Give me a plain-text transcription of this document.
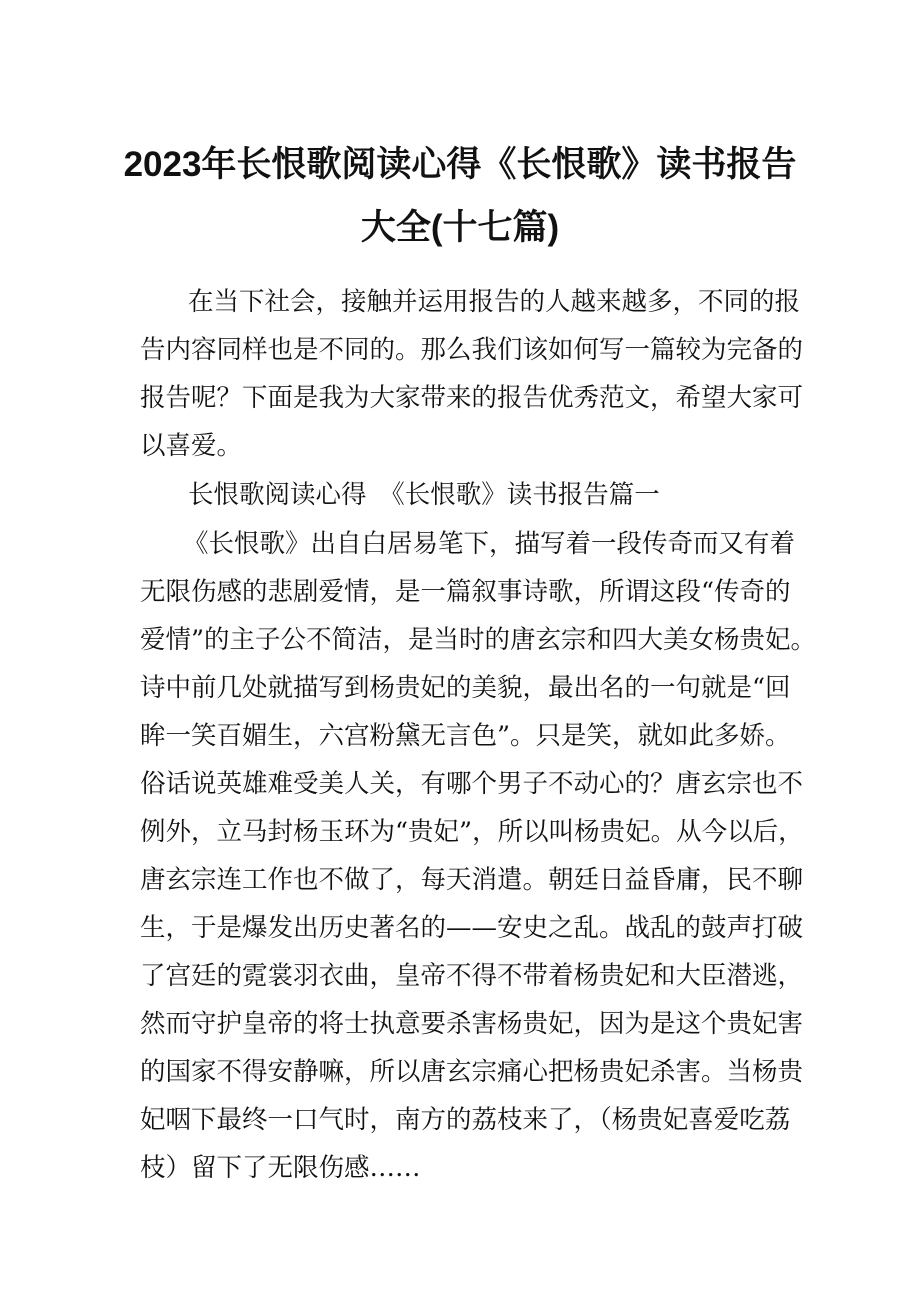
2023年长恨歌阅读心得《长恨歌》读书报告
大全(十七篇)
在当下社会，接触并运用报告的人越来越多，不同的报
告内容同样也是不同的。那么我们该如何写一篇较为完备的
报告呢？下面是我为大家带来的报告优秀范文，希望大家可
以喜爱。
长恨歌阅读心得　《长恨歌》读书报告篇一
《长恨歌》出自白居易笔下，描写着一段传奇而又有着
无限伤感的悲剧爱情，是一篇叙事诗歌，所谓这段“传奇的
爱情”的主子公不简洁，是当时的唐玄宗和四大美女杨贵妃。
诗中前几处就描写到杨贵妃的美貌，最出名的一句就是“回
眸一笑百媚生，六宫粉黛无言色”。只是笑，就如此多娇。
俗话说英雄难受美人关，有哪个男子不动心的？唐玄宗也不
例外，立马封杨玉环为“贵妃”，所以叫杨贵妃。从今以后，
唐玄宗连工作也不做了，每天消遣。朝廷日益昏庸，民不聊
生，于是爆发出历史著名的——安史之乱。战乱的鼓声打破
了宫廷的霓裳羽衣曲，皇帝不得不带着杨贵妃和大臣潜逃，
然而守护皇帝的将士执意要杀害杨贵妃，因为是这个贵妃害
的国家不得安静嘛，所以唐玄宗痛心把杨贵妃杀害。当杨贵
妃咽下最终一口气时，南方的荔枝来了，（杨贵妃喜爱吃荔
枝）留下了无限伤感……
